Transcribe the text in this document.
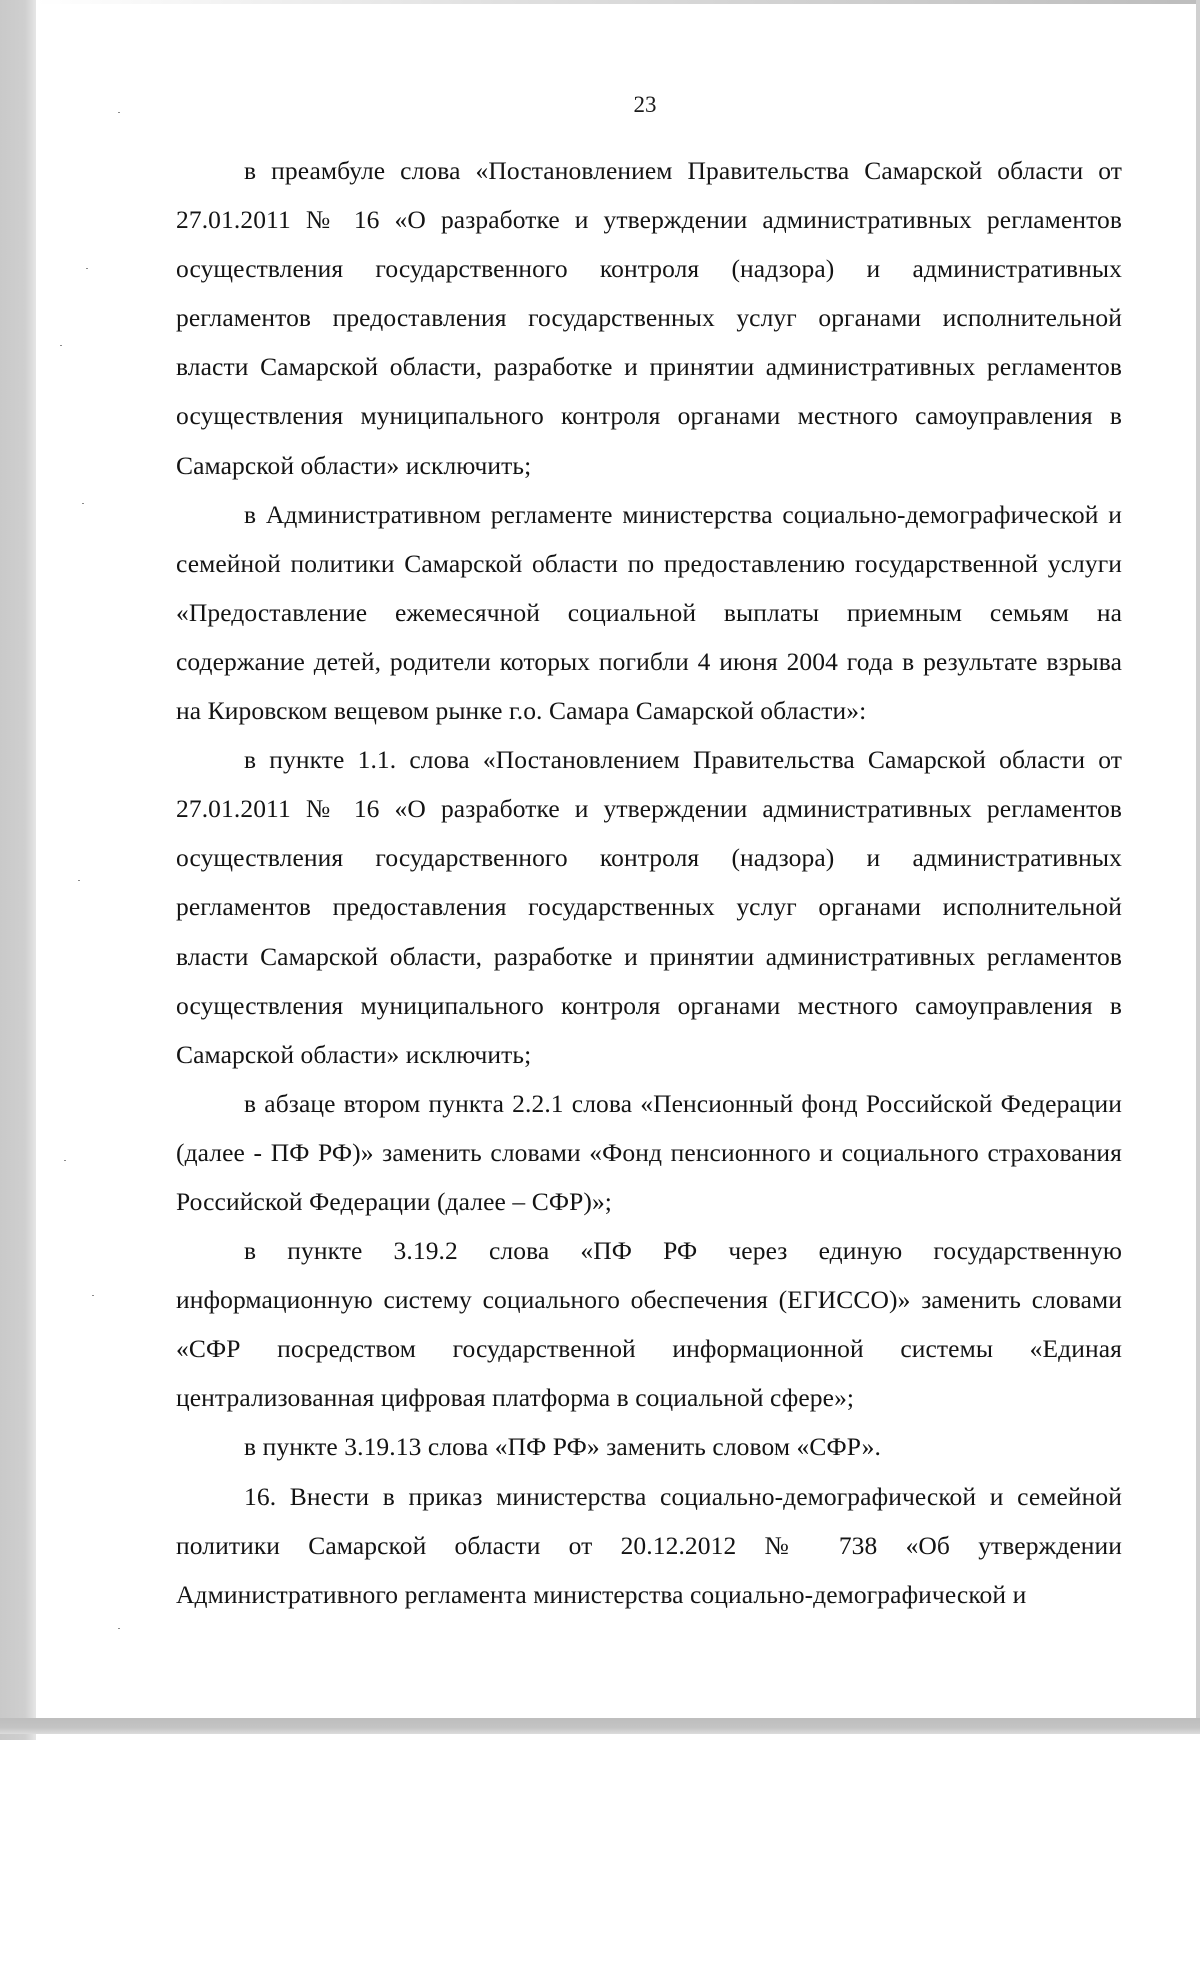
23

в преамбуле слова «Постановлением Правительства Самарской области от 27.01.2011 № 16 «О разработке и утверждении административных регламентов осуществления государственного контроля (надзора) и административных регламентов предоставления государственных услуг органами исполнительной власти Самарской области, разработке и принятии административных регламентов осуществления муниципального контроля органами местного самоуправления в Самарской области» исключить;

в Административном регламенте министерства социально-демографической и семейной политики Самарской области по предоставлению государственной услуги «Предоставление ежемесячной социальной выплаты приемным семьям на содержание детей, родители которых погибли 4 июня 2004 года в результате взрыва на Кировском вещевом рынке г.о. Самара Самарской области»:

в пункте 1.1. слова «Постановлением Правительства Самарской области от 27.01.2011 № 16 «О разработке и утверждении административных регламентов осуществления государственного контроля (надзора) и административных регламентов предоставления государственных услуг органами исполнительной власти Самарской области, разработке и принятии административных регламентов осуществления муниципального контроля органами местного самоуправления в Самарской области» исключить;

в абзаце втором пункта 2.2.1 слова «Пенсионный фонд Российской Федерации (далее - ПФ РФ)» заменить словами «Фонд пенсионного и социального страхования Российской Федерации (далее – СФР)»;

в пункте 3.19.2 слова «ПФ РФ через единую государственную информационную систему социального обеспечения (ЕГИССО)» заменить словами «СФР посредством государственной информационной системы «Единая централизованная цифровая платформа в социальной сфере»;

в пункте 3.19.13 слова «ПФ РФ» заменить словом «СФР».

16. Внести в приказ министерства социально-демографической и семейной политики Самарской области от 20.12.2012 № 738 «Об утверждении Административного регламента министерства социально-демографической и
